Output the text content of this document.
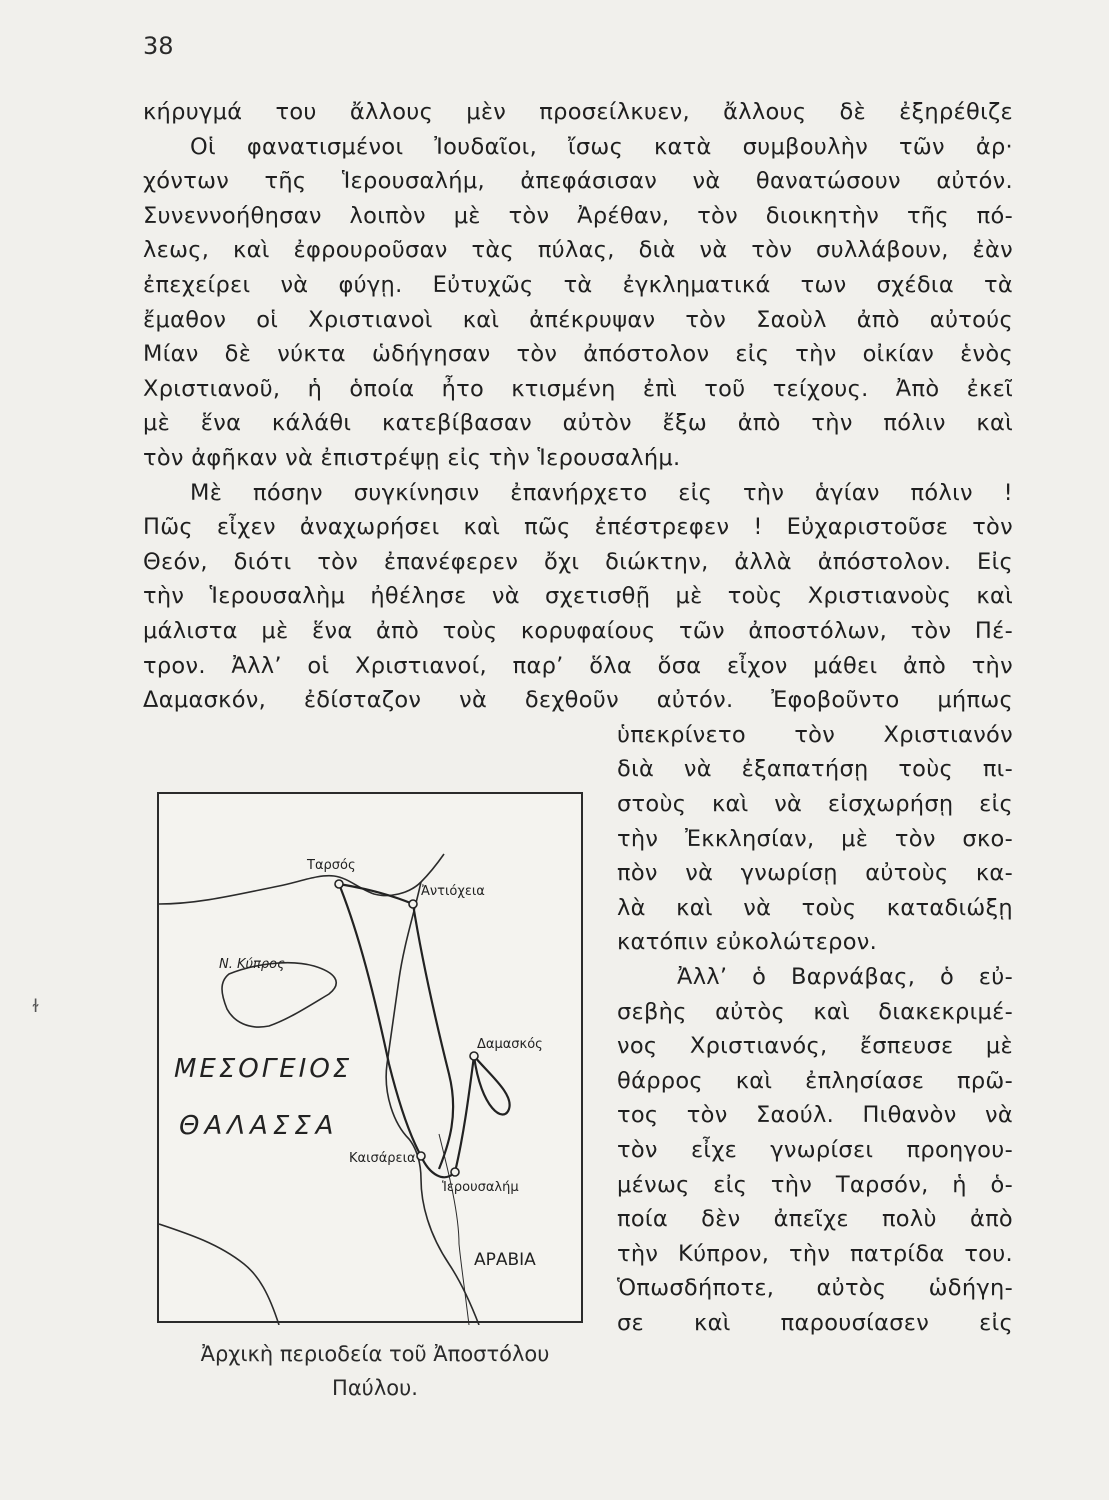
38
κήρυγμά του ἄλλους μὲν προσείλκυεν, ἄλλους δὲ ἐξηρέθιζε
Οἱ φανατισμένοι Ἰουδαῖοι, ἴσως κατὰ συμβουλὴν τῶν ἀρ·
χόντων τῆς Ἱερουσαλήμ, ἀπεφάσισαν νὰ θανατώσουν αὐτόν.
Συνεννοήθησαν λοιπὸν μὲ τὸν Ἀρέθαν, τὸν διοικητὴν τῆς πό-
λεως, καὶ ἐφρουροῦσαν τὰς πύλας, διὰ νὰ τὸν συλλάβουν, ἐὰν
ἐπεχείρει νὰ φύγῃ. Εὐτυχῶς τὰ ἐγκληματικά των σχέδια τὰ
ἔμαθον οἱ Χριστιανοὶ καὶ ἀπέκρυψαν τὸν Σαοὺλ ἀπὸ αὐτούς
Μίαν δὲ νύκτα ὡδήγησαν τὸν ἀπόστολον εἰς τὴν οἰκίαν ἑνὸς
Χριστιανοῦ, ἡ ὁποία ἦτο κτισμένη ἐπὶ τοῦ τείχους. Ἀπὸ ἐκεῖ
μὲ ἕνα κάλάθι κατεβίβασαν αὐτὸν ἔξω ἀπὸ τὴν πόλιν καὶ
τὸν ἀφῆκαν νὰ ἐπιστρέψῃ εἰς τὴν Ἱερουσαλήμ.
Μὲ πόσην συγκίνησιν ἐπανήρχετο εἰς τὴν ἁγίαν πόλιν !
Πῶς εἶχεν ἀναχωρήσει καὶ πῶς ἐπέστρεφεν ! Εὐχαριστοῦσε τὸν
Θεόν, διότι τὸν ἐπανέφερεν ὄχι διώκτην, ἀλλὰ ἀπόστολον. Εἰς
τὴν Ἱερουσαλὴμ ἠθέλησε νὰ σχετισθῇ μὲ τοὺς Χριστιανοὺς καὶ
μάλιστα μὲ ἕνα ἀπὸ τοὺς κορυφαίους τῶν ἀποστόλων, τὸν Πέ-
τρον. Ἀλλ’ οἱ Χριστιανοί, παρ’ ὅλα ὅσα εἶχον μάθει ἀπὸ τὴν
Δαμασκόν, ἐδίσταζον νὰ δεχθοῦν αὐτόν. Ἐφοβοῦντο μήπως
ὑπεκρίνετο τὸν Χριστιανόν
διὰ νὰ ἐξαπατήσῃ τοὺς πι-
στοὺς καὶ νὰ εἰσχωρήσῃ εἰς
τὴν Ἐκκλησίαν, μὲ τὸν σκο-
πὸν νὰ γνωρίσῃ αὐτοὺς κα-
λὰ καὶ νὰ τοὺς καταδιώξῃ
κατόπιν εὐκολώτερον.
Ἀλλ’ ὁ Βαρνάβας, ὁ εὐ-
σεβὴς αὐτὸς καὶ διακεκριμέ-
νος Χριστιανός, ἔσπευσε μὲ
θάρρος καὶ ἐπλησίασε πρῶ-
τος τὸν Σαούλ. Πιθανὸν νὰ
τὸν εἶχε γνωρίσει προηγου-
μένως εἰς τὴν Ταρσόν, ἡ ὁ-
ποία δὲν ἀπεῖχε πολὺ ἀπὸ
τὴν Κύπρον, τὴν πατρίδα του.
Ὁπωσδήποτε, αὐτὸς ὡδήγη-
σε καὶ παρουσίασεν εἰς
Ταρσός
Ἀντιόχεια
Ν. Κύπρος
Δαμασκός
ΜΕΣΟΓΕΙΟΣ
ΘΑΛΑΣΣΑ
Καισάρεια
Ἱερουσαλήμ
ΑΡΑΒΙΑ
Ἀρχικὴ περιοδεία τοῦ Ἀποστόλου
Παύλου.
ɫ
